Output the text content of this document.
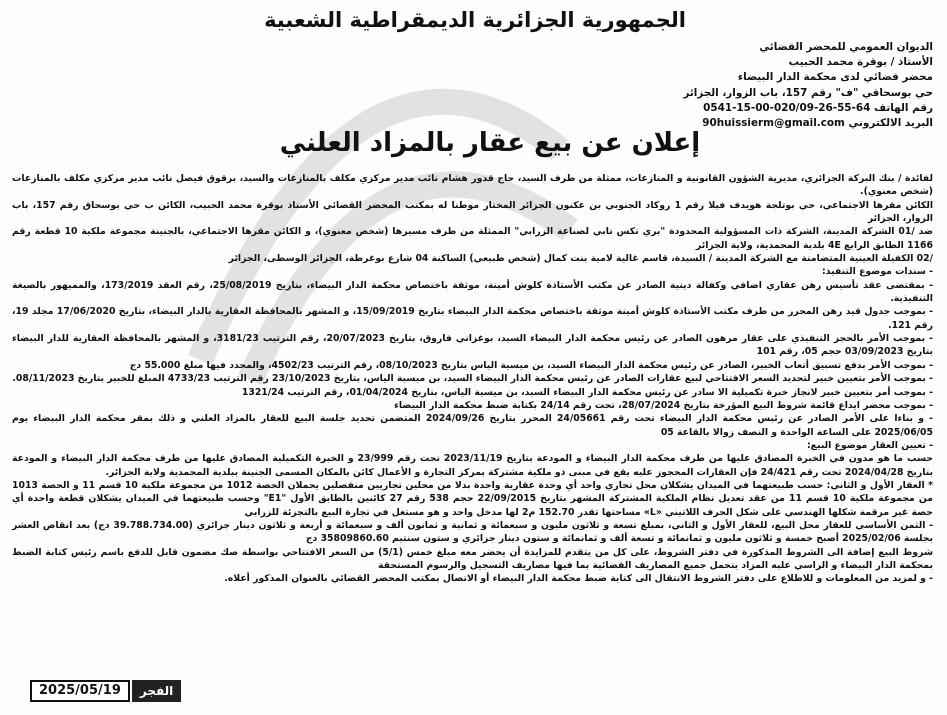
الجمهورية الجزائرية الديمقراطية الشعبية
الديوان العمومي للمحضر القضائي
الأستاذ / بوقرة محمد الحبيب
محضر قضائي لدى محكمة الدار البيضاء
حي بوسحاقي "ف" رقم 157، باب الزوار، الجزائر
رقم الهاتف 64-55-26-020/09-00-15-0541
البريد الالكتروني 90huissierm@gmail.com
إعلان عن بيع عقار بالمزاد العلني

لفائدة / بنك البركة الجزائري، مديرية الشؤون القانونية و المنازعات، ممثلة من طرف السيد، حاج قدور هشام نائب مدير مركزي مكلف بالمنازعات والسيد، برقوق فيصل نائب مدير مركزي مكلف بالمنازعات (شخص معنوي).

الكائن مقرها الاجتماعي، حي بوتلجة هويدف فيلا رقم 1 روكاد الجنوبي بن عكنون الجزائر المختار موطنا له بمكتب المحضر القضائي الأستاذ بوقرة محمد الحبيب، الكائن ب حي بوسحاق رقم 157، باب الزوار، الجزائر

ضد /01 الشركة المدينة، الشركة ذات المسؤولية المحدودة "بري تكس تابي لصناعة الزرابي" الممثلة من طرف مسيرها (شخص معنوي)، و الكائن مقرها الاجتماعي، بالجنينة مجموعة ملكية 10 قطعة رقم 1166 الطابق الرابع 4E بلدية المحمدية، ولاية الجزائر

/02 الكفيلة العينية المتضامنة مع الشركة المدينة / السيدة، قاسم غالية لامية بنت كمال (شخص طبيعي) الساكنة 04 شارع بوغرطة، الجزائر الوسطى، الجزائر

- سندات موضوع التنفيذ:

- بمقتضى عقد تأسيس رهن عقاري اضافي وكفالة دينية الصادر عن مكتب الأستاذة كلوش أمينة، موثقة باختصاص محكمة الدار البيضاء، بتاريخ 25/08/2019، رقم العقد 173/2019، والمميهور بالصيغة التنفيذية.

- بموجب جدول قيد رهن المحرر من طرف مكتب الأستاذة كلوش أمينة موثقة باختصاص محكمة الدار البيضاء بتاريخ 15/09/2019، و المشهر بالمحافظة العقارية بالدار البيضاء، بتاريخ 17/06/2020 مجلد 19، رقم 121.

- بموجب الأمر بالحجز التنفيذي على عقار مرهون الصادر عن رئيس محكمة الدار البيضاء السيد، بوغزاني فاروق، بتاريخ 20/07/2023، رقم الترتيب 3181/23، و المشهر بالمحافظة العقارية للدار البيضاء بتاريخ 03/09/2023 حجم 05، رقم 101

- بموجب الأمر بدفع تسبيق أتعاب الخبير، الصادر عن رئيس محكمة الدار البيضاء السيد، بن ميسية الياس بتاريخ 08/10/2023، رقم الترتيب 4502/23، والمحدد فيها مبلغ 55.000 دج

- بموجب الأمر بتعيين خبير لتحديد السعر الافتتاحي لبيع عقارات الصادر عن رئيس محكمة الدار البيضاء السيد، بن ميسية الياس، بتاريخ 23/10/2023 رقم الترتيب 4733/23 المبلغ للخبير بتاريخ 08/11/2023.

- بموجب أمر بتعيين خبير لانجاز خبرة تكميلية الا سادر عن رئيس محكمة الدار البيضاء السيد، بن ميسية الياس، بتاريخ 01/04/2024، رقم الترتيب 1321/24

- بموجب محضر ايداع قائمة شروط البيع المؤرخة بتاريخ 28/07/2024، تحت رقم 24/14 بكتابة ضبط محكمة الدار البيضاء

- و بناءا على الأمر الصادر عن رئيس محكمة الدار البيضاء تحت رقم 24/05661 المحرر بتاريخ 2024/09/26 المتضمن تحديد جلسة البيع للعقار بالمزاد العلني و ذلك بمقر محكمة الدار البيضاء يوم 2025/06/05 على الساعة الواحدة و النصف زوالا بالقاعة 05

- تعيين العقار موضوع البيع:

حسب ما هو مدون في الخبرة المصادق عليها من طرف محكمة الدار البيضاء و المودعة بتاريخ 2023/11/19 تحت رقم 23/999 و الخبرة التكميلية المصادق عليها من طرف محكمة الدار البيضاء و المودعة بتاريخ 2024/04/28 تحت رقم 24/421 فإن العقارات المحجوز عليه يقع في مبنى ذو ملكية مشتركة بمركز التجارة و الأعمال كائن بالمكان المسمى الجنينة ببلدية المحمدية ولاية الجزائر.

* العقار الأول و الثاني: حسب طبيعتهما في الميدان يشكلان محل تجاري واحد أي وحدة عقارية واحدة بدلا من محلين تجاريين منفصلين يحملان الحصة 1012 من مجموعة ملكية 10 قسم 11 و الحصة 1013 من مجموعة ملكية 10 قسم 11 من عقد تعديل نظام الملكية المشتركة المشهر بتاريخ 22/09/2015 حجم 538 رقم 27 كائنين بالطابق الأول "E1" وحسب طبيعتهما في الميدان يشكلان قطعة واحدة أي حصة غير مرقمة شكلها الهندسي على شكل الحرف اللاتيني «L» مساحتها تقدر 152.70 م2 لها مدخل واحد و هو مستغل في تجارة البيع بالتجزئة للزرابي

- الثمن الأساسي للعقار محل البيع، للعقار الأول و الثاني، بمبلغ تسعة و ثلاثون مليون و سبعمائة و ثمانية و ثمانون ألف و سبعمائة و أربعة و ثلاثون دينار جزائري (39.788.734.00 دج) بعد انقاص العشر بجلسة 2025/02/06 أصبح خمسة و ثلاثون مليون و ثمانمائة و تسعة ألف و ثمانمائة و ستون دينار جزائري و ستون سنتيم 35809860.60 دج

شروط البيع إضافة الى الشروط المذكورة في دفتر الشروط، على كل من يتقدم للمزايدة أن يحضر معه مبلغ خمس (5/1) من السعر الافتتاحي بواسطة صك مضمون قابل للدفع باسم رئيس كتابة الضبط بمحكمة الدار البيضاء و الراسي عليه المزاد يتحمل جميع المصاريف القضائية بما فيها مصاريف التسجيل والرسوم المستحقة

- و لمزيد من المعلومات و للاطلاع على دفتر الشروط الانتقال الى كتابة ضبط محكمة الدار البيضاء أو الاتصال بمكتب المحضر القضائي بالعنوان المذكور أعلاه.

2025/05/19	الفجر
